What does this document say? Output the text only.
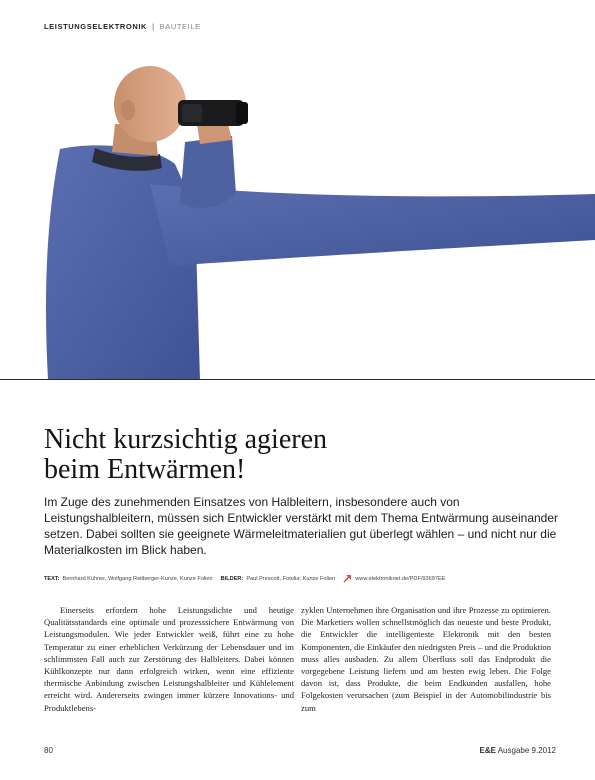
LEISTUNGSELEKTRONIK | BAUTEILE
Nicht kurzsichtig agieren
beim Entwärmen!

Im Zuge des zunehmenden Einsatzes von Halbleitern, insbesondere auch von Leistungshalbleitern, müssen sich Entwickler verstärkt mit dem Thema Entwärmung auseinander setzen. Dabei sollten sie geeignete Wärmeleitmaterialien gut überlegt wählen – und nicht nur die Materialkosten im Blick haben.

TEXT: Bernhard Kühner, Wolfgang Reitberger-Kunze, Kunze Folien BILDER: Paul Prescott, Fotolia; Kunze Folien	www.elektroniknet.de/PDF/93697EE

Einerseits erfordern hohe Leistungsdichte und heutige Qualitätsstandards eine optimale und prozesssichere Entwärmung von Leistungsmodulen. Wie jeder Entwickler weiß, führt eine zu hohe Temperatur zu einer erheblichen Verkürzung der Lebensdauer und im schlimmsten Fall auch zur Zerstörung des Halbleiters. Dabei können Kühlkonzepte nur dann erfolgreich wirken, wenn eine effiziente thermische Anbindung zwischen Leistungshalbleiter und Kühlelement erreicht wird. Andererseits zwingen immer kürzere Innovations- und Produktlebens-

zyklen Unternehmen ihre Organisation und ihre Prozesse zu optimieren. Die Marketiers wollen schnellstmöglich das neueste und beste Produkt, die Entwickler die intelligenteste Elektronik mit den besten Komponenten, die Einkäufer den niedrigsten Preis – und die Produktion muss alles ausbaden. Zu allem Überfluss soll das Endprodukt die vorgegebene Leistung liefern und am besten ewig leben. Die Folge davon ist, dass Produkte, die beim Endkunden ausfallen, hohe Folgekosten verursachen (zum Beispiel in der Automobilindustrie bis zum

80	E&E Ausgabe 9.2012
